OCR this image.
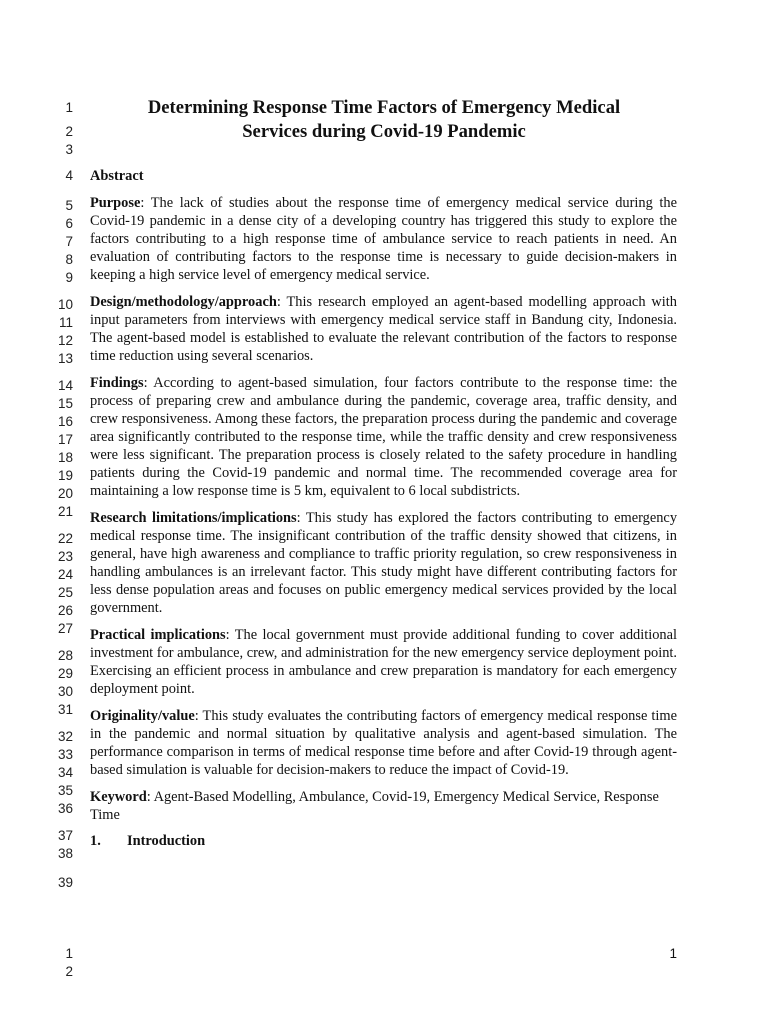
1
2
3
4
5
6
7
8
9
10
11
12
13
14
15
16
17
18
19
20
21
22
23
24
25
26
27
28
29
30
31
32
33
34
35
36
37
38
39
1
2
Determining Response Time Factors of Emergency Medical
Services during Covid-19 Pandemic
Abstract

Purpose: The lack of studies about the response time of emergency medical service during the Covid-19 pandemic in a dense city of a developing country has triggered this study to explore the factors contributing to a high response time of ambulance service to reach patients in need. An evaluation of contributing factors to the response time is necessary to guide decision-makers in keeping a high service level of emergency medical service.

Design/methodology/approach: This research employed an agent-based modelling approach with input parameters from interviews with emergency medical service staff in Bandung city, Indonesia. The agent-based model is established to evaluate the relevant contribution of the factors to response time reduction using several scenarios.

Findings: According to agent-based simulation, four factors contribute to the response time: the process of preparing crew and ambulance during the pandemic, coverage area, traffic density, and crew responsiveness. Among these factors, the preparation process during the pandemic and coverage area significantly contributed to the response time, while the traffic density and crew responsiveness were less significant. The preparation process is closely related to the safety procedure in handling patients during the Covid-19 pandemic and normal time. The recommended coverage area for maintaining a low response time is 5 km, equivalent to 6 local subdistricts.

Research limitations/implications: This study has explored the factors contributing to emergency medical response time. The insignificant contribution of the traffic density showed that citizens, in general, have high awareness and compliance to traffic priority regulation, so crew responsiveness in handling ambulances is an irrelevant factor. This study might have different contributing factors for less dense population areas and focuses on public emergency medical services provided by the local government.

Practical implications: The local government must provide additional funding to cover additional investment for ambulance, crew, and administration for the new emergency service deployment point. Exercising an efficient process in ambulance and crew preparation is mandatory for each emergency deployment point.

Originality/value: This study evaluates the contributing factors of emergency medical response time in the pandemic and normal situation by qualitative analysis and agent-based simulation. The performance comparison in terms of medical response time before and after Covid-19 through agent-based simulation is valuable for decision-makers to reduce the impact of Covid-19.

Keyword: Agent-Based Modelling, Ambulance, Covid-19, Emergency Medical Service, Response Time

1. Introduction
1
